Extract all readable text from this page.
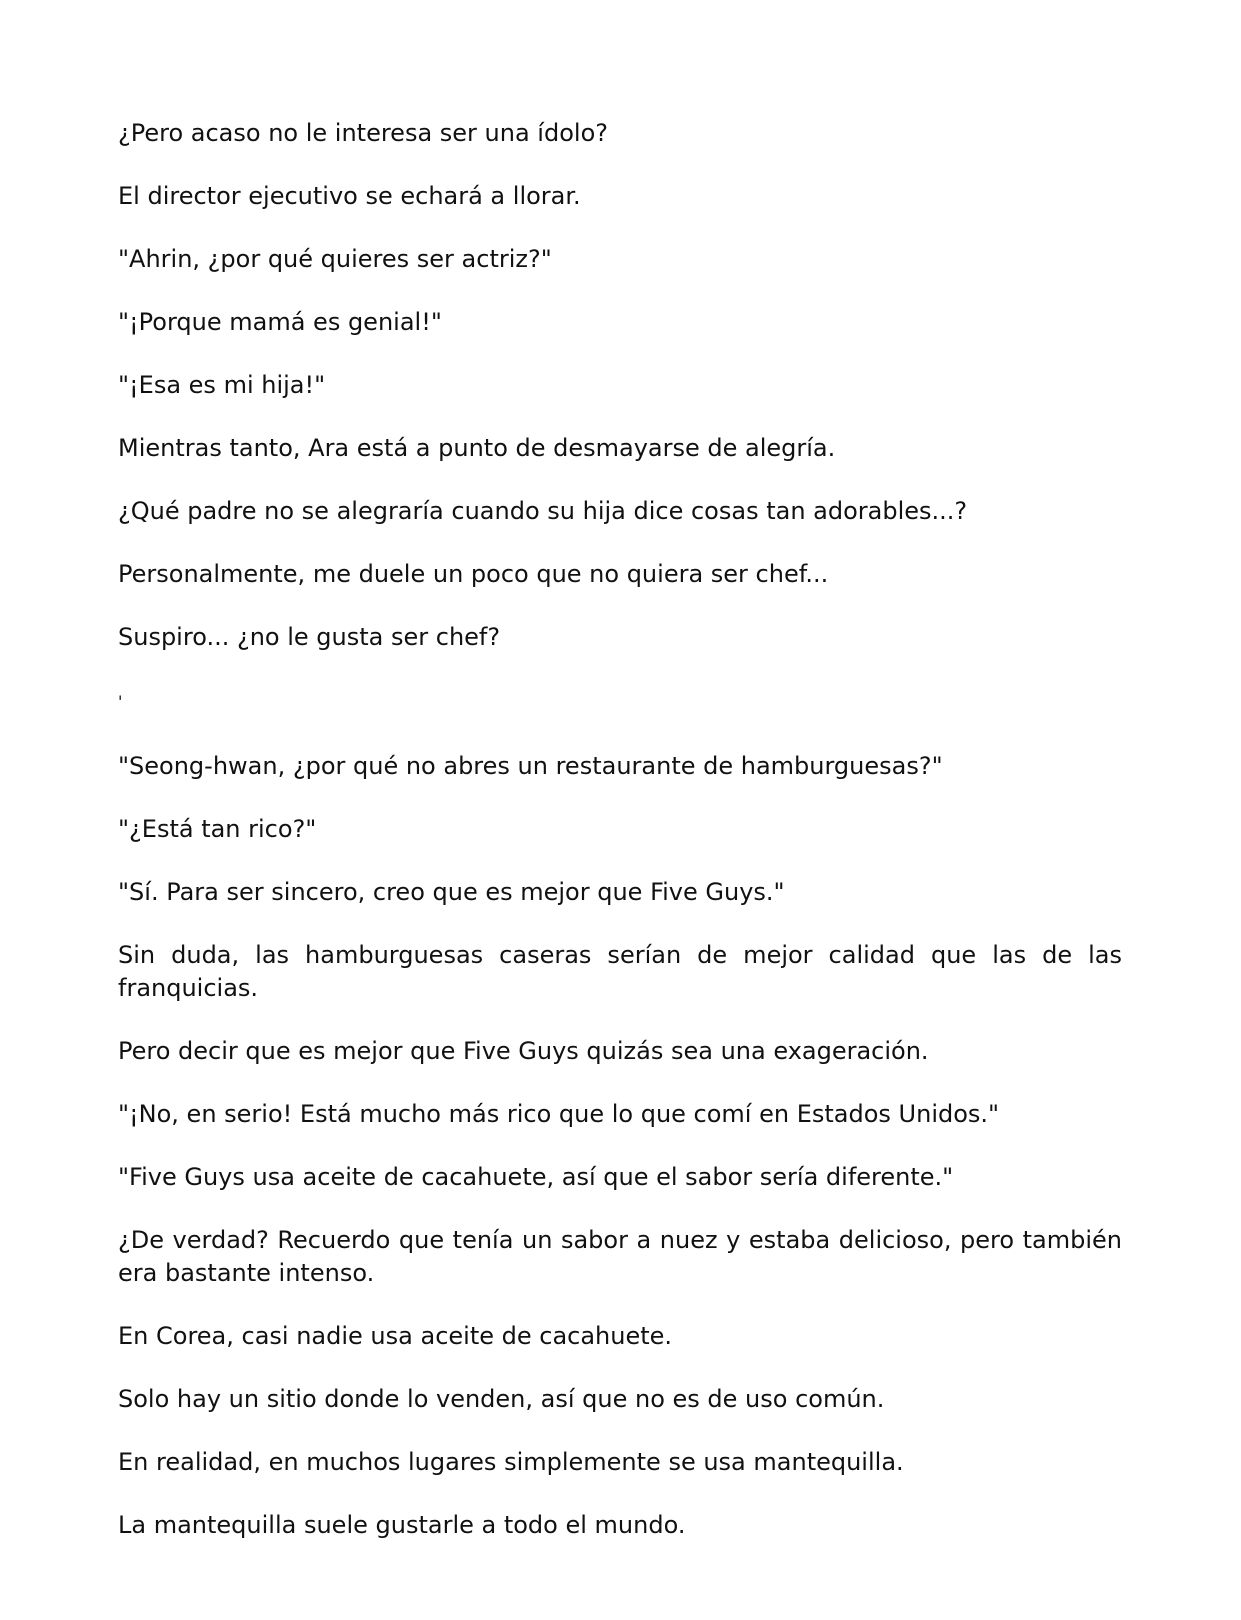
¿Pero acaso no le interesa ser una ídolo?

El director ejecutivo se echará a llorar.

"Ahrin, ¿por qué quieres ser actriz?"

"¡Porque mamá es genial!"

"¡Esa es mi hija!"

Mientras tanto, Ara está a punto de desmayarse de alegría.

¿Qué padre no se alegraría cuando su hija dice cosas tan adorables...?

Personalmente, me duele un poco que no quiera ser chef...

Suspiro... ¿no le gusta ser chef?

'

"Seong-hwan, ¿por qué no abres un restaurante de hamburguesas?"

"¿Está tan rico?"

"Sí. Para ser sincero, creo que es mejor que Five Guys."

Sin duda, las hamburguesas caseras serían de mejor calidad que las de las franquicias.

Pero decir que es mejor que Five Guys quizás sea una exageración.

"¡No, en serio! Está mucho más rico que lo que comí en Estados Unidos."

"Five Guys usa aceite de cacahuete, así que el sabor sería diferente."

¿De verdad? Recuerdo que tenía un sabor a nuez y estaba delicioso, pero también era bastante intenso.

En Corea, casi nadie usa aceite de cacahuete.

Solo hay un sitio donde lo venden, así que no es de uso común.

En realidad, en muchos lugares simplemente se usa mantequilla.

La mantequilla suele gustarle a todo el mundo.
